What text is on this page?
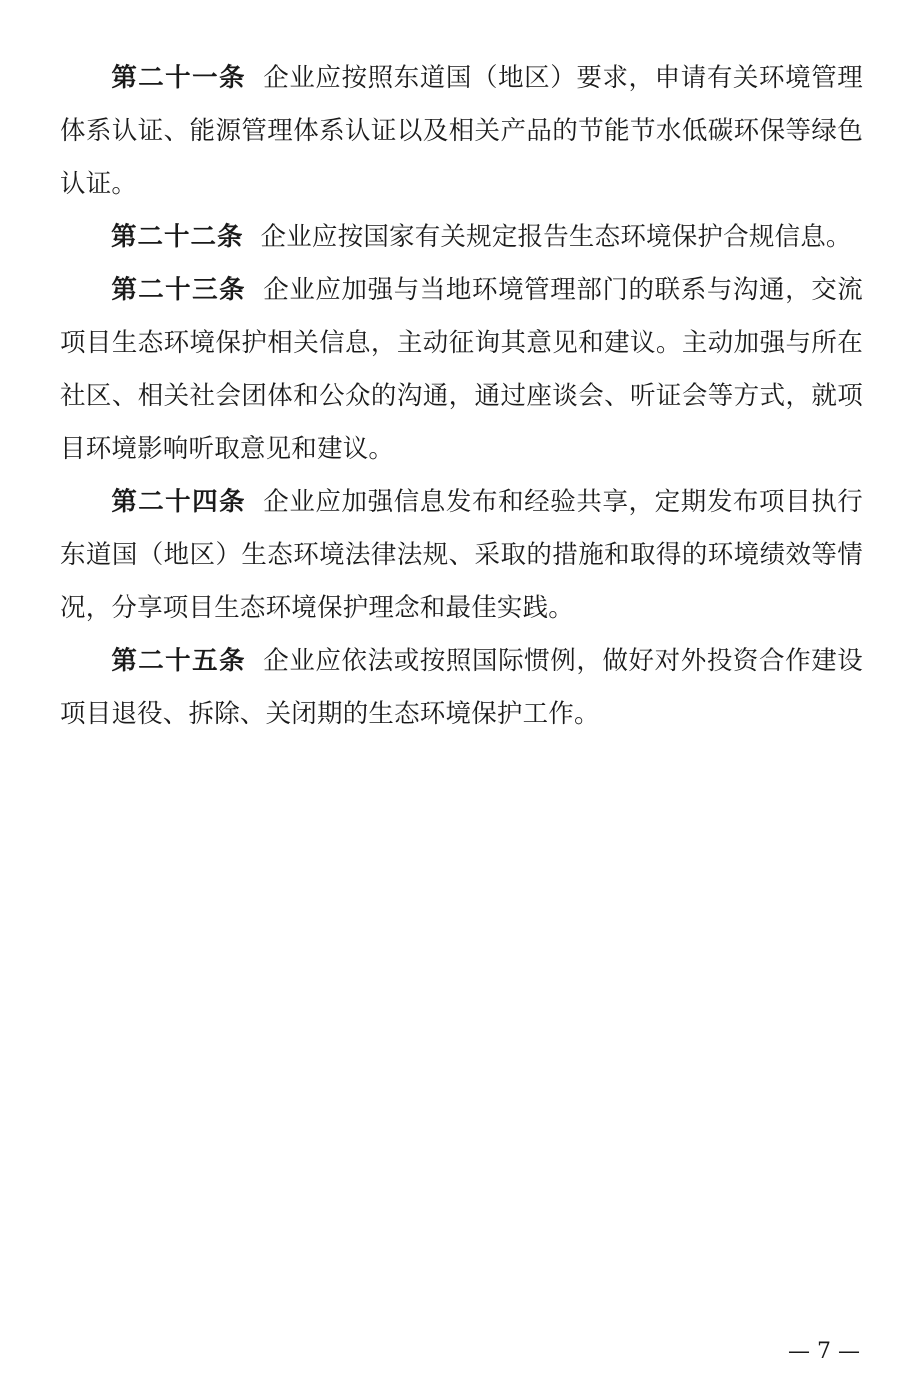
第二十一条 企业应按照东道国（地区）要求，申请有关环境管理体系认证、能源管理体系认证以及相关产品的节能节水低碳环保等绿色认证。

第二十二条 企业应按国家有关规定报告生态环境保护合规信息。

第二十三条 企业应加强与当地环境管理部门的联系与沟通，交流项目生态环境保护相关信息，主动征询其意见和建议。主动加强与所在社区、相关社会团体和公众的沟通，通过座谈会、听证会等方式，就项目环境影响听取意见和建议。

第二十四条 企业应加强信息发布和经验共享，定期发布项目执行东道国（地区）生态环境法律法规、采取的措施和取得的环境绩效等情况，分享项目生态环境保护理念和最佳实践。

第二十五条 企业应依法或按照国际惯例，做好对外投资合作建设项目退役、拆除、关闭期的生态环境保护工作。

— 7 —
